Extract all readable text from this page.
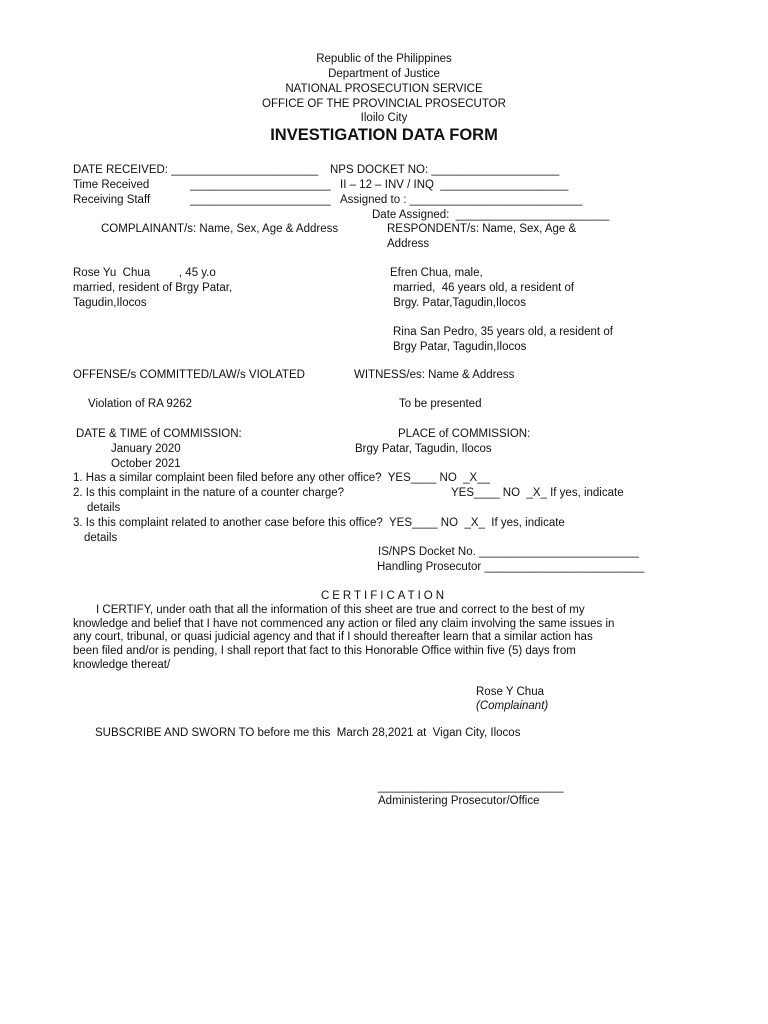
Republic of the Philippines
Department of Justice
NATIONAL PROSECUTION SERVICE
OFFICE OF THE PROVINCIAL PROSECUTOR
Iloilo City
INVESTIGATION DATA FORM
DATE RECEIVED: _______________________ NPS DOCKET NO: ____________________
Time Received	______________________ II – 12 – INV / INQ  ____________________
Receiving Staff	______________________ Assigned to : ___________________________
Date Assigned:  ________________________
COMPLAINANT/s: Name, Sex, Age & Address	RESPONDENT/s: Name, Sex, Age &
Address
Rose Yu  Chua         , 45 y.o
married, resident of Brgy Patar,
Tagudin,Ilocos
Efren Chua, male,
married,  46 years old, a resident of
Brgy. Patar,Tagudin,Ilocos
Rina San Pedro, 35 years old, a resident of
Brgy Patar, Tagudin,Ilocos
OFFENSE/s COMMITTED/LAW/s VIOLATED	WITNESS/es: Name & Address
Violation of RA 9262	To be presented
DATE & TIME of COMMISSION:	PLACE of COMMISSION:
January 2020	Brgy Patar, Tagudin, Ilocos
October 2021
1. Has a similar complaint been filed before any other office?  YES____ NO  _X__
2. Is this complaint in the nature of a counter charge?	YES____ NO  _X_ If yes, indicate
details
3. Is this complaint related to another case before this office?  YES____ NO  _X_  If yes, indicate
details
IS/NPS Docket No. _________________________
Handling Prosecutor _________________________
CERTIFICATION
I CERTIFY, under oath that all the information of this sheet are true and correct to the best of my
knowledge and belief that I have not commenced any action or filed any claim involving the same issues in
any court, tribunal, or quasi judicial agency and that if I should thereafter learn that a similar action has
been filed and/or is pending, I shall report that fact to this Honorable Office within five (5) days from
knowledge thereat/
Rose Y Chua
(Complainant)
SUBSCRIBE AND SWORN TO before me this  March 28,2021 at  Vigan City, Ilocos
_____________________________
Administering Prosecutor/Office
